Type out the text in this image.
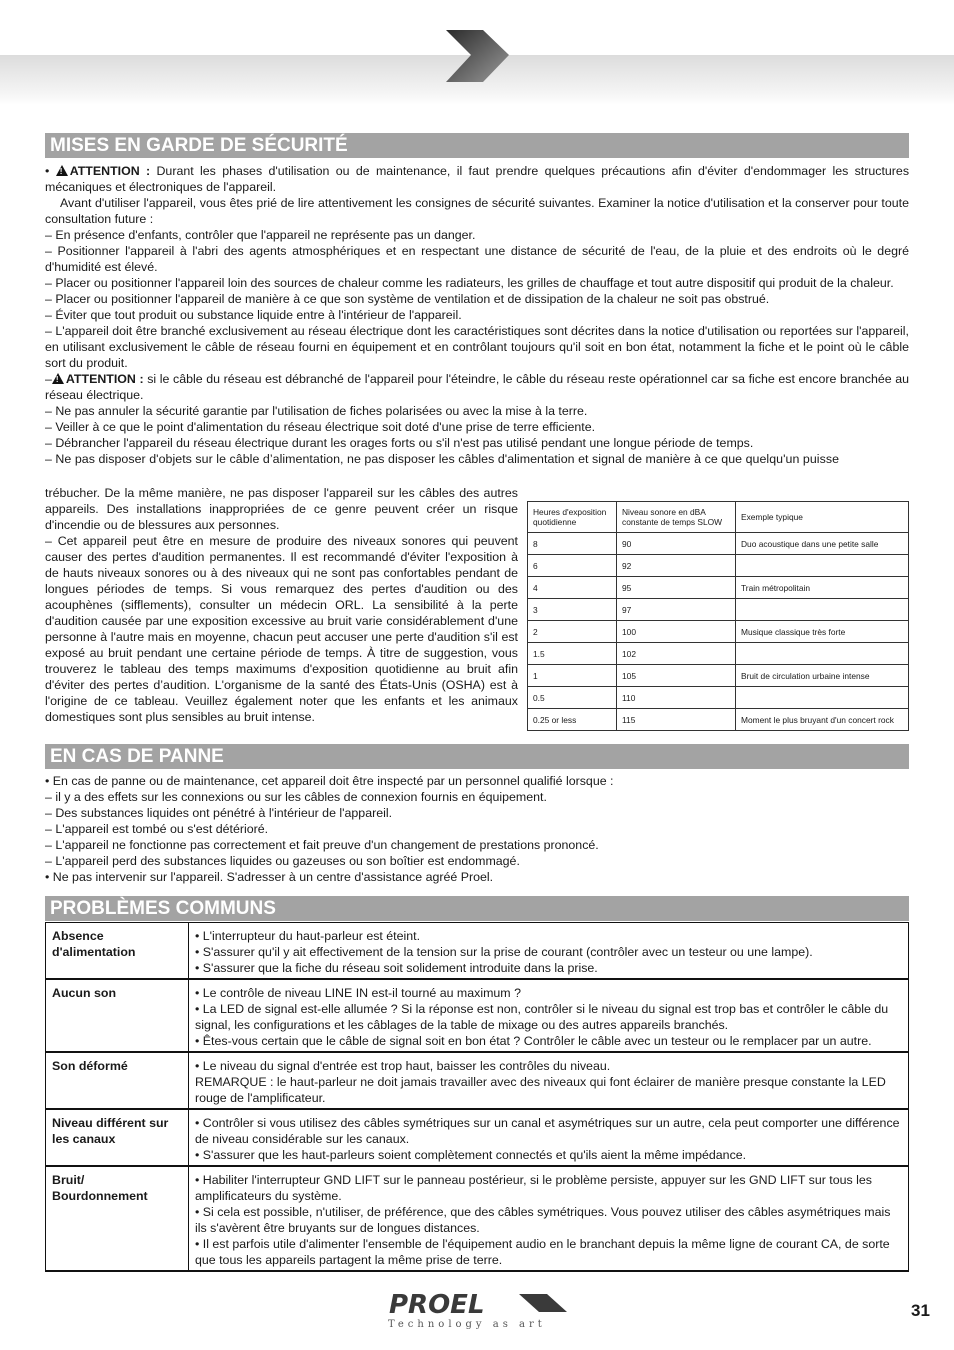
MISES EN GARDE DE SÉCURITÉ

• !ATTENTION : Durant les phases d'utilisation ou de maintenance, il faut prendre quelques précautions afin d'éviter d'endommager les structures mécaniques et électroniques de l'appareil.

Avant d'utiliser l'appareil, vous êtes prié de lire attentivement les consignes de sécurité suivantes. Examiner la notice d'utilisation et la conserver pour toute consultation future :

– En présence d'enfants, contrôler que l'appareil ne représente pas un danger.

– Positionner l'appareil à l'abri des agents atmosphériques et en respectant une distance de sécurité de l'eau, de la pluie et des endroits où le degré d'humidité est élevé.

– Placer ou positionner l'appareil loin des sources de chaleur comme les radiateurs, les grilles de chauffage et tout autre dispositif qui produit de la chaleur.

– Placer ou positionner l'appareil de manière à ce que son système de ventilation et de dissipation de la chaleur ne soit pas obstrué.

– Éviter que tout produit ou substance liquide entre à l'intérieur de l'appareil.

– L'appareil doit être branché exclusivement au réseau électrique dont les caractéristiques sont décrites dans la notice d'utilisation ou reportées sur l'appareil, en utilisant exclusivement le câble de réseau fourni en équipement et en contrôlant toujours qu'il soit en bon état, notamment la fiche et le point où le câble sort du produit.

– ! ATTENTION : si le câble du réseau est débranché de l'appareil pour l'éteindre, le câble du réseau reste opérationnel car sa fiche est encore branchée au réseau électrique.

– Ne pas annuler la sécurité garantie par l'utilisation de fiches polarisées ou avec la mise à la terre.

– Veiller à ce que le point d'alimentation du réseau électrique soit doté d'une prise de terre efficiente.

– Débrancher l'appareil du réseau électrique durant les orages forts ou s'il n'est pas utilisé pendant une longue période de temps.

– Ne pas disposer d'objets sur le câble d’alimentation, ne pas disposer les câbles d'alimentation et signal de manière à ce que quelqu'un puisse

trébucher. De la même manière, ne pas disposer l'appareil sur les câbles des autres appareils. Des installations inappropriées de ce genre peuvent créer un risque d'incendie ou de blessures aux personnes.

– Cet appareil peut être en mesure de produire des niveaux sonores qui peuvent causer des pertes d'audition permanentes. Il est recommandé d'éviter l'exposition à de hauts niveaux sonores ou à des niveaux qui ne sont pas confortables pendant de longues périodes de temps. Si vous remarquez des pertes d'audition ou des acouphènes (sifflements), consulter un médecin ORL. La sensibilité à la perte d'audition causée par une exposition excessive au bruit varie considérablement d'une personne à l'autre mais en moyenne, chacun peut accuser une perte d'audition s'il est exposé au bruit pendant une certaine période de temps. À titre de suggestion, vous trouverez le tableau des temps maximums d'exposition quotidienne au bruit afin d'éviter des pertes d’audition. L'organisme de la santé des États-Unis (OSHA) est à l'origine de ce tableau. Veuillez également noter que les enfants et les animaux domestiques sont plus sensibles au bruit intense.

Heures d'exposition quotidienne	Niveau sonore en dBA constante de temps SLOW	Exemple typique
8	90	Duo acoustique dans une petite salle
6	92	
4	95	Train métropolitain
3	97	
2	100	Musique classique très forte
1.5	102	
1	105	Bruit de circulation urbaine intense
0.5	110	
0.25 or less	115	Moment le plus bruyant d'un concert rock
EN CAS DE PANNE

• En cas de panne ou de maintenance, cet appareil doit être inspecté par un personnel qualifié lorsque :

– il y a des effets sur les connexions ou sur les câbles de connexion fournis en équipement.

– Des substances liquides ont pénétré à l'intérieur de l'appareil.

– L'appareil est tombé ou s'est détérioré.

– L'appareil ne fonctionne pas correctement et fait preuve d'un changement de prestations prononcé.

– L'appareil perd des substances liquides ou gazeuses ou son boîtier est endommagé.

• Ne pas intervenir sur l'appareil. S'adresser à un centre d'assistance agréé Proel.

PROBLÈMES COMMUNS
Absence d'alimentation	• L'interrupteur du haut-parleur est éteint.
• S'assurer qu'il y ait effectivement de la tension sur la prise de courant (contrôler avec un testeur ou une lampe).
• S'assurer que la fiche du réseau soit solidement introduite dans la prise.

Aucun son	• Le contrôle de niveau LINE IN est-il tourné au maximum ?
• La LED de signal est-elle allumée ? Si la réponse est non, contrôler si le niveau du signal est trop bas et contrôler le câble du signal, les configurations et les câblages de la table de mixage ou des autres appareils branchés.
• Êtes-vous certain que le câble de signal soit en bon état ? Contrôler le câble avec un testeur ou le remplacer par un autre.

Son déformé	• Le niveau du signal d'entrée est trop haut, baisser les contrôles du niveau.
REMARQUE : le haut-parleur ne doit jamais travailler avec des niveaux qui font éclairer de manière presque constante la LED rouge de l'amplificateur.

Niveau différent sur les canaux	• Contrôler si vous utilisez des câbles symétriques sur un canal et asymétriques sur un autre, cela peut comporter une différence de niveau considérable sur les canaux.
• S'assurer que les haut-parleurs soient complètement connectés et qu'ils aient la même impédance.

Bruit/ Bourdonnement	• Habiliter l'interrupteur GND LIFT sur le panneau postérieur, si le problème persiste, appuyer sur les GND LIFT sur tous les amplificateurs du système.
• Si cela est possible, n'utiliser, de préférence, que des câbles symétriques. Vous pouvez utiliser des câbles asymétriques mais ils s'avèrent être bruyants sur de longues distances.
• Il est parfois utile d'alimenter l'ensemble de l'équipement audio en le branchant depuis la même ligne de courant CA, de sorte que tous les appareils partagent la même prise de terre.
PROEL
Technology as art
31
